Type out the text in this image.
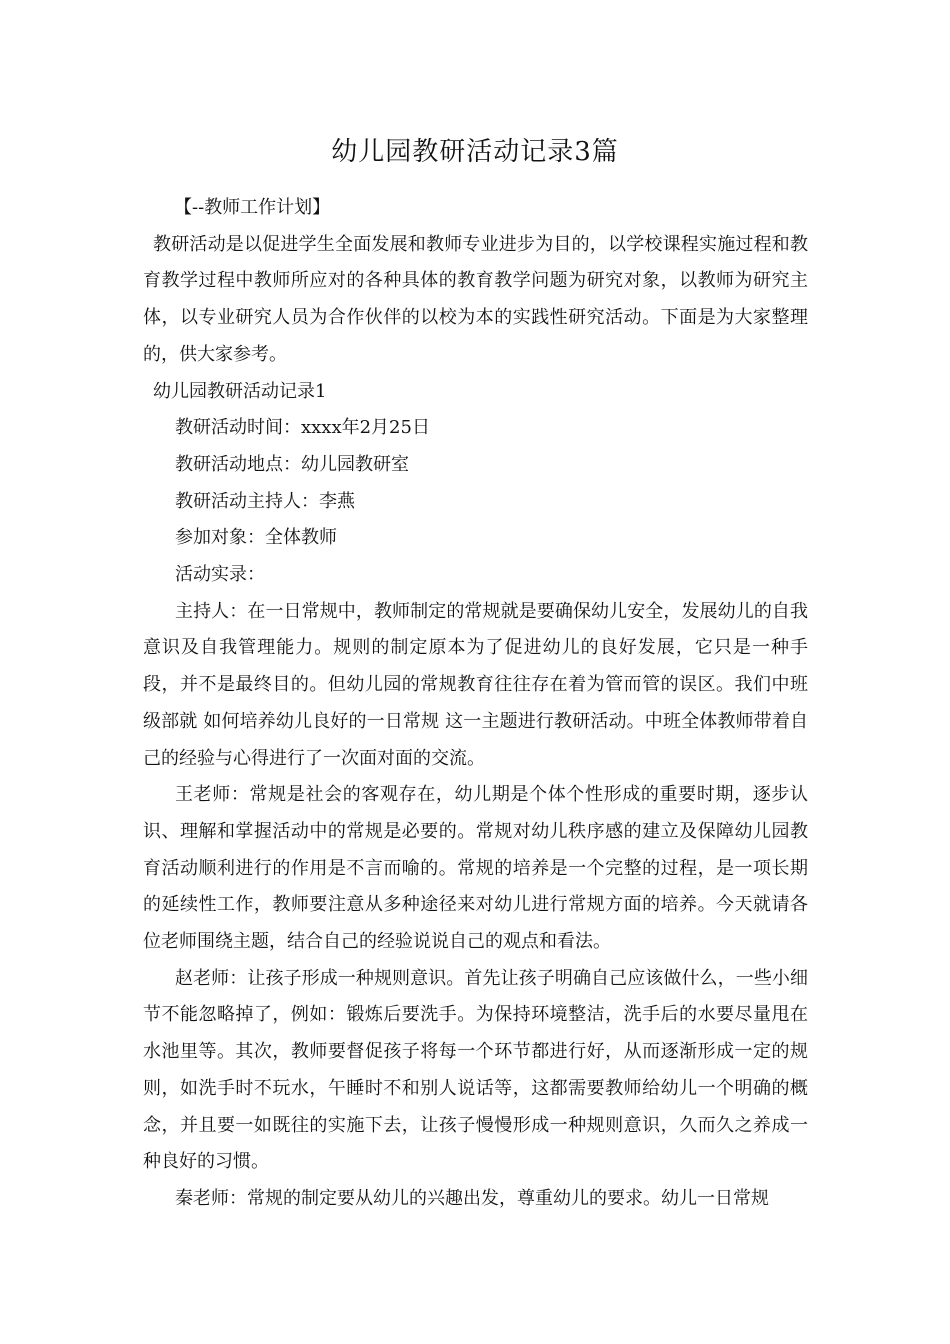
幼儿园教研活动记录3篇

【--教师工作计划】

教研活动是以促进学生全面发展和教师专业进步为目的，以学校课程实施过程和教育教学过程中教师所应对的各种具体的教育教学问题为研究对象，以教师为研究主体，以专业研究人员为合作伙伴的以校为本的实践性研究活动。下面是为大家整理的，供大家参考。

幼儿园教研活动记录1

教研活动时间：xxxx年2月25日

教研活动地点：幼儿园教研室

教研活动主持人：李燕

参加对象：全体教师

活动实录：

主持人：在一日常规中，教师制定的常规就是要确保幼儿安全，发展幼儿的自我意识及自我管理能力。规则的制定原本为了促进幼儿的良好发展，它只是一种手段，并不是最终目的。但幼儿园的常规教育往往存在着为管而管的误区。我们中班级部就 如何培养幼儿良好的一日常规 这一主题进行教研活动。中班全体教师带着自己的经验与心得进行了一次面对面的交流。

王老师：常规是社会的客观存在，幼儿期是个体个性形成的重要时期，逐步认识、理解和掌握活动中的常规是必要的。常规对幼儿秩序感的建立及保障幼儿园教育活动顺利进行的作用是不言而喻的。常规的培养是一个完整的过程，是一项长期的延续性工作，教师要注意从多种途径来对幼儿进行常规方面的培养。今天就请各位老师围绕主题，结合自己的经验说说自己的观点和看法。

赵老师：让孩子形成一种规则意识。首先让孩子明确自己应该做什么，一些小细节不能忽略掉了，例如：锻炼后要洗手。为保持环境整洁，洗手后的水要尽量甩在水池里等。其次，教师要督促孩子将每一个环节都进行好，从而逐渐形成一定的规则，如洗手时不玩水，午睡时不和别人说话等，这都需要教师给幼儿一个明确的概念，并且要一如既往的实施下去，让孩子慢慢形成一种规则意识，久而久之养成一种良好的习惯。

秦老师：常规的制定要从幼儿的兴趣出发，尊重幼儿的要求。幼儿一日常规
